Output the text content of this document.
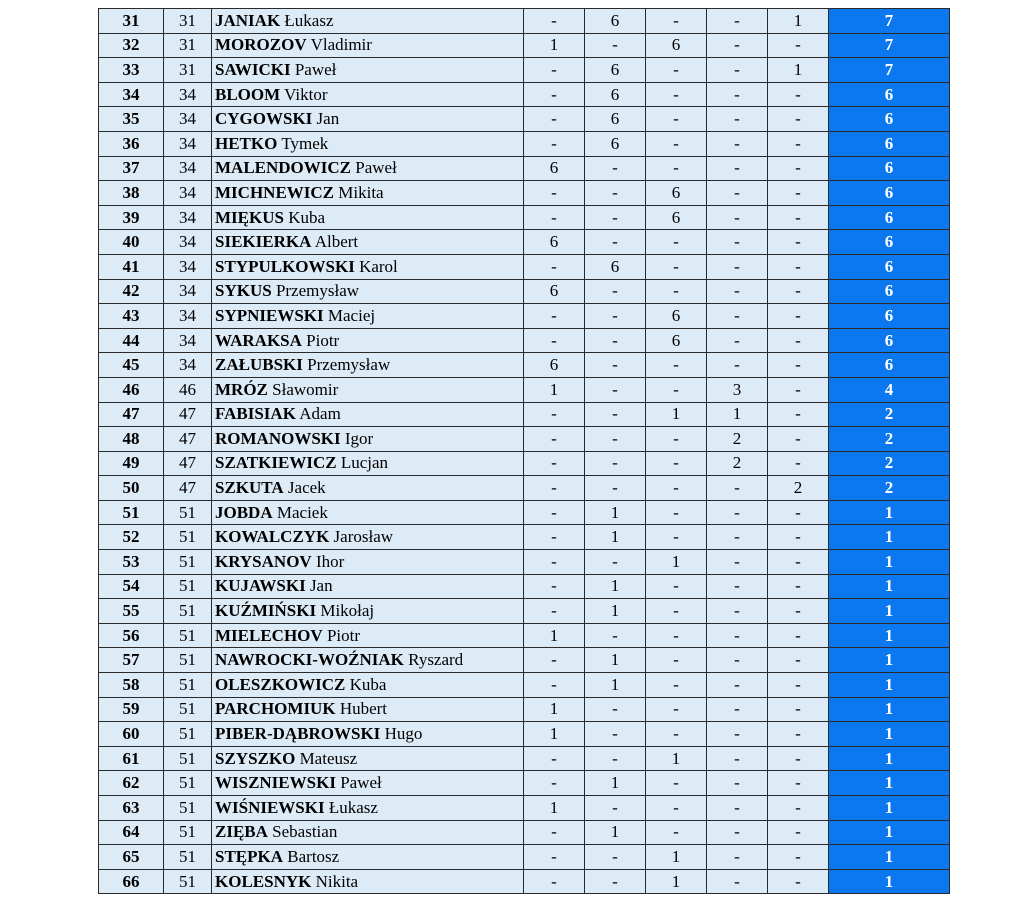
31	31	JANIAK Łukasz	-	6	-	-	1	7
32	31	MOROZOV Vladimir	1	-	6	-	-	7
33	31	SAWICKI Paweł	-	6	-	-	1	7
34	34	BLOOM Viktor	-	6	-	-	-	6
35	34	CYGOWSKI Jan	-	6	-	-	-	6
36	34	HETKO Tymek	-	6	-	-	-	6
37	34	MALENDOWICZ Paweł	6	-	-	-	-	6
38	34	MICHNEWICZ Mikita	-	-	6	-	-	6
39	34	MIĘKUS Kuba	-	-	6	-	-	6
40	34	SIEKIERKA Albert	6	-	-	-	-	6
41	34	STYPULKOWSKI Karol	-	6	-	-	-	6
42	34	SYKUS Przemysław	6	-	-	-	-	6
43	34	SYPNIEWSKI Maciej	-	-	6	-	-	6
44	34	WARAKSA Piotr	-	-	6	-	-	6
45	34	ZAŁUBSKI Przemysław	6	-	-	-	-	6
46	46	MRÓZ Sławomir	1	-	-	3	-	4
47	47	FABISIAK Adam	-	-	1	1	-	2
48	47	ROMANOWSKI Igor	-	-	-	2	-	2
49	47	SZATKIEWICZ Lucjan	-	-	-	2	-	2
50	47	SZKUTA Jacek	-	-	-	-	2	2
51	51	JOBDA Maciek	-	1	-	-	-	1
52	51	KOWALCZYK Jarosław	-	1	-	-	-	1
53	51	KRYSANOV Ihor	-	-	1	-	-	1
54	51	KUJAWSKI Jan	-	1	-	-	-	1
55	51	KUŹMIŃSKI Mikołaj	-	1	-	-	-	1
56	51	MIELECHOV Piotr	1	-	-	-	-	1
57	51	NAWROCKI-WOŹNIAK Ryszard	-	1	-	-	-	1
58	51	OLESZKOWICZ Kuba	-	1	-	-	-	1
59	51	PARCHOMIUK Hubert	1	-	-	-	-	1
60	51	PIBER-DĄBROWSKI Hugo	1	-	-	-	-	1
61	51	SZYSZKO Mateusz	-	-	1	-	-	1
62	51	WISZNIEWSKI Paweł	-	1	-	-	-	1
63	51	WIŚNIEWSKI Łukasz	1	-	-	-	-	1
64	51	ZIĘBA Sebastian	-	1	-	-	-	1
65	51	STĘPKA Bartosz	-	-	1	-	-	1
66	51	KOLESNYK Nikita	-	-	1	-	-	1
